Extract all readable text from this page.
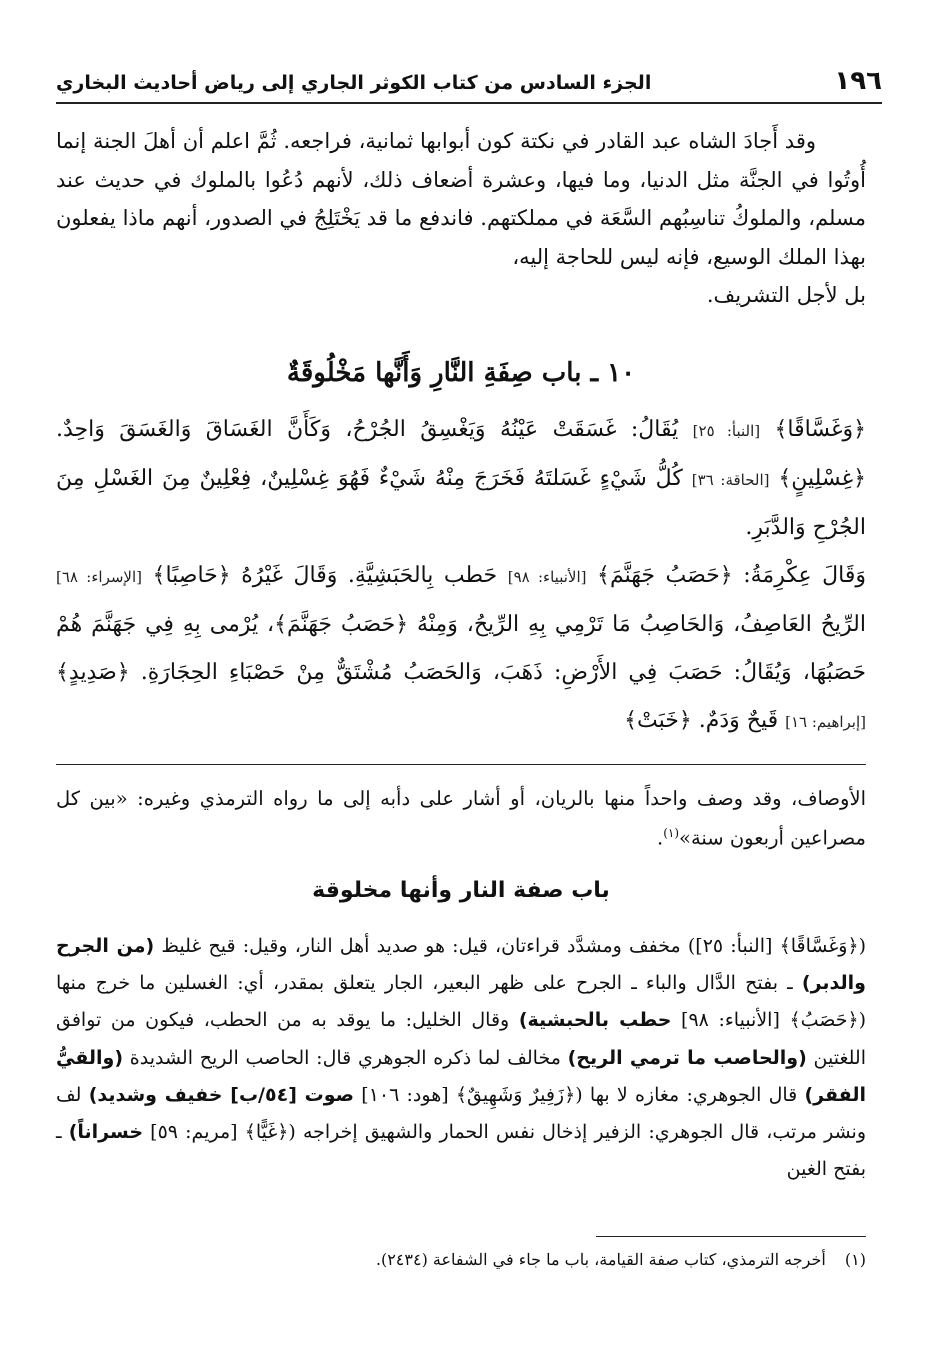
١٩٦
الجزء السادس من كتاب الكوثر الجاري إلى رياض أحاديث البخاري

وقد أَجادَ الشاه عبد القادر في نكتة كون أبوابها ثمانية، فراجعه. ثُمَّ اعلم أن أهلَ الجنة إنما أُوتُوا في الجنَّة مثل الدنيا، وما فيها، وعشرة أضعاف ذلك، لأنهم دُعُوا بالملوك في حديث عند مسلم، والملوكُ تناسِبُهم السَّعَة في مملكتهم. فاندفع ما قد يَخْتَلِجُ في الصدور، أنهم ماذا يفعلون بهذا الملك الوسيع، فإنه ليس للحاجة إليه،

بل لأجل التشريف.

١٠ ـ باب صِفَةِ النَّارِ وَأَنَّها مَخْلُوقَةٌ

﴿وَغَسَّاقًا﴾ [النبأ: ٢٥] يُقَالُ: غَسَقَتْ عَيْنُهُ وَيَغْسِقُ الجُرْحُ، وَكَأَنَّ الغَسَاقَ وَالغَسَقَ وَاحِدٌ. ﴿غِسْلِينٍ﴾ [الحاقة: ٣٦] كُلُّ شَيْءٍ غَسَلتَهُ فَخَرَجَ مِنْهُ شَيْءٌ فَهُوَ غِسْلِينٌ، فِعْلِينٌ مِنَ الغَسْلِ مِنَ الجُرْحِ وَالدَّبَرِ.

وَقَالَ عِكْرِمَةُ: ﴿حَصَبُ جَهَنَّمَ﴾ [الأنبياء: ٩٨] حَطب بِالحَبَشِيَّةِ. وَقَالَ غَيْرُهُ ﴿حَاصِبًا﴾ [الإسراء: ٦٨] الرِّيحُ العَاصِفُ، وَالحَاصِبُ مَا تَرْمِي بِهِ الرِّيحُ، وَمِنْهُ ﴿حَصَبُ جَهَنَّمَ﴾، يُرْمى بِهِ فِي جَهَنَّمَ هُمْ حَصَبُهَا، وَيُقَالُ: حَصَبَ فِي الأَرْضِ: ذَهَبَ، وَالحَصَبُ مُشْتَقٌّ مِنْ حَصْبَاءِ الحِجَارَةِ. ﴿صَدِيدٍ﴾ [إبراهيم: ١٦] قَيحٌ وَدَمٌ. ﴿خَبَتْ﴾

الأوصاف، وقد وصف واحداً منها بالريان، أو أشار على دأبه إلى ما رواه الترمذي وغيره: «بين كل مصراعين أربعون سنة»$^{(١)}$.

باب صفة النار وأنها مخلوقة

(﴿وَغَسَّاقًا﴾ [النبأ: ٢٥]) مخفف ومشدَّد قراءتان، قيل: هو صديد أهل النار، وقيل: قيح غليظ (من الجرح والدبر) ـ بفتح الدَّال والباء ـ الجرح على ظهر البعير، الجار يتعلق بمقدر، أي: الغسلين ما خرج منها (﴿حَصَبُ﴾ [الأنبياء: ٩٨] حطب بالحبشية) وقال الخليل: ما يوقد به من الحطب، فيكون من توافق اللغتين (والحاصب ما ترمي الريح) مخالف لما ذكره الجوهري قال: الحاصب الريح الشديدة (والقيُّ الفقر) قال الجوهري: مغازه لا بها (﴿زَفِيرٌ وَشَهِيقٌ﴾ [هود: ١٠٦] صوت [٥٤/ب] خفيف وشديد) لف ونشر مرتب، قال الجوهري: الزفير إذخال نفس الحمار والشهيق إخراجه (﴿غَيًّا﴾ [مريم: ٥٩] خسراناً) ـ بفتح الغين

(١) أخرجه الترمذي، كتاب صفة القيامة، باب ما جاء في الشفاعة (٢٤٣٤).
